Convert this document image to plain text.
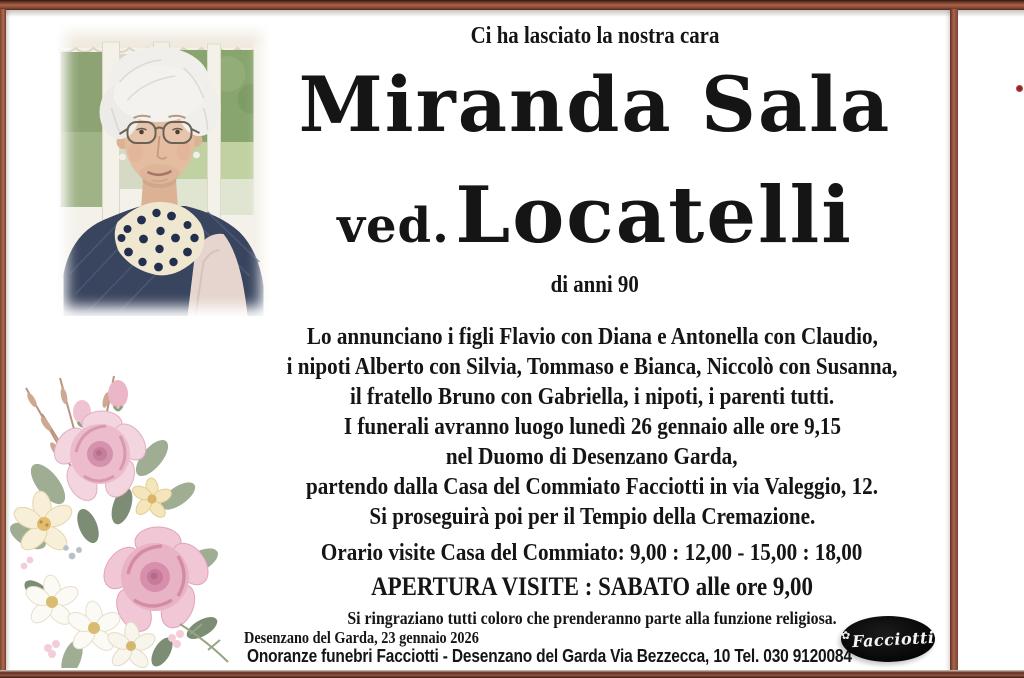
Ci ha lasciato la nostra cara
Miranda Sala
ved. Locatelli
di anni 90
Lo annunciano i figli Flavio con Diana e Antonella con Claudio,
i nipoti Alberto con Silvia, Tommaso e Bianca, Niccolò con Susanna,
il fratello Bruno con Gabriella, i nipoti, i parenti tutti.
I funerali avranno luogo lunedì 26 gennaio alle ore 9,15
nel Duomo di Desenzano Garda,
partendo dalla Casa del Commiato Facciotti in via Valeggio, 12.
Si proseguirà poi per il Tempio della Cremazione.
Orario visite Casa del Commiato: 9,00 : 12,00 - 15,00 : 18,00
APERTURA VISITE : SABATO alle ore 9,00
Si ringraziano tutti coloro che prenderanno parte alla funzione religiosa.
Desenzano del Garda, 23 gennaio 2026
Onoranze funebri Facciotti - Desenzano del Garda Via Bezzecca, 10 Tel. 030 9120084
✿ Facciotti
